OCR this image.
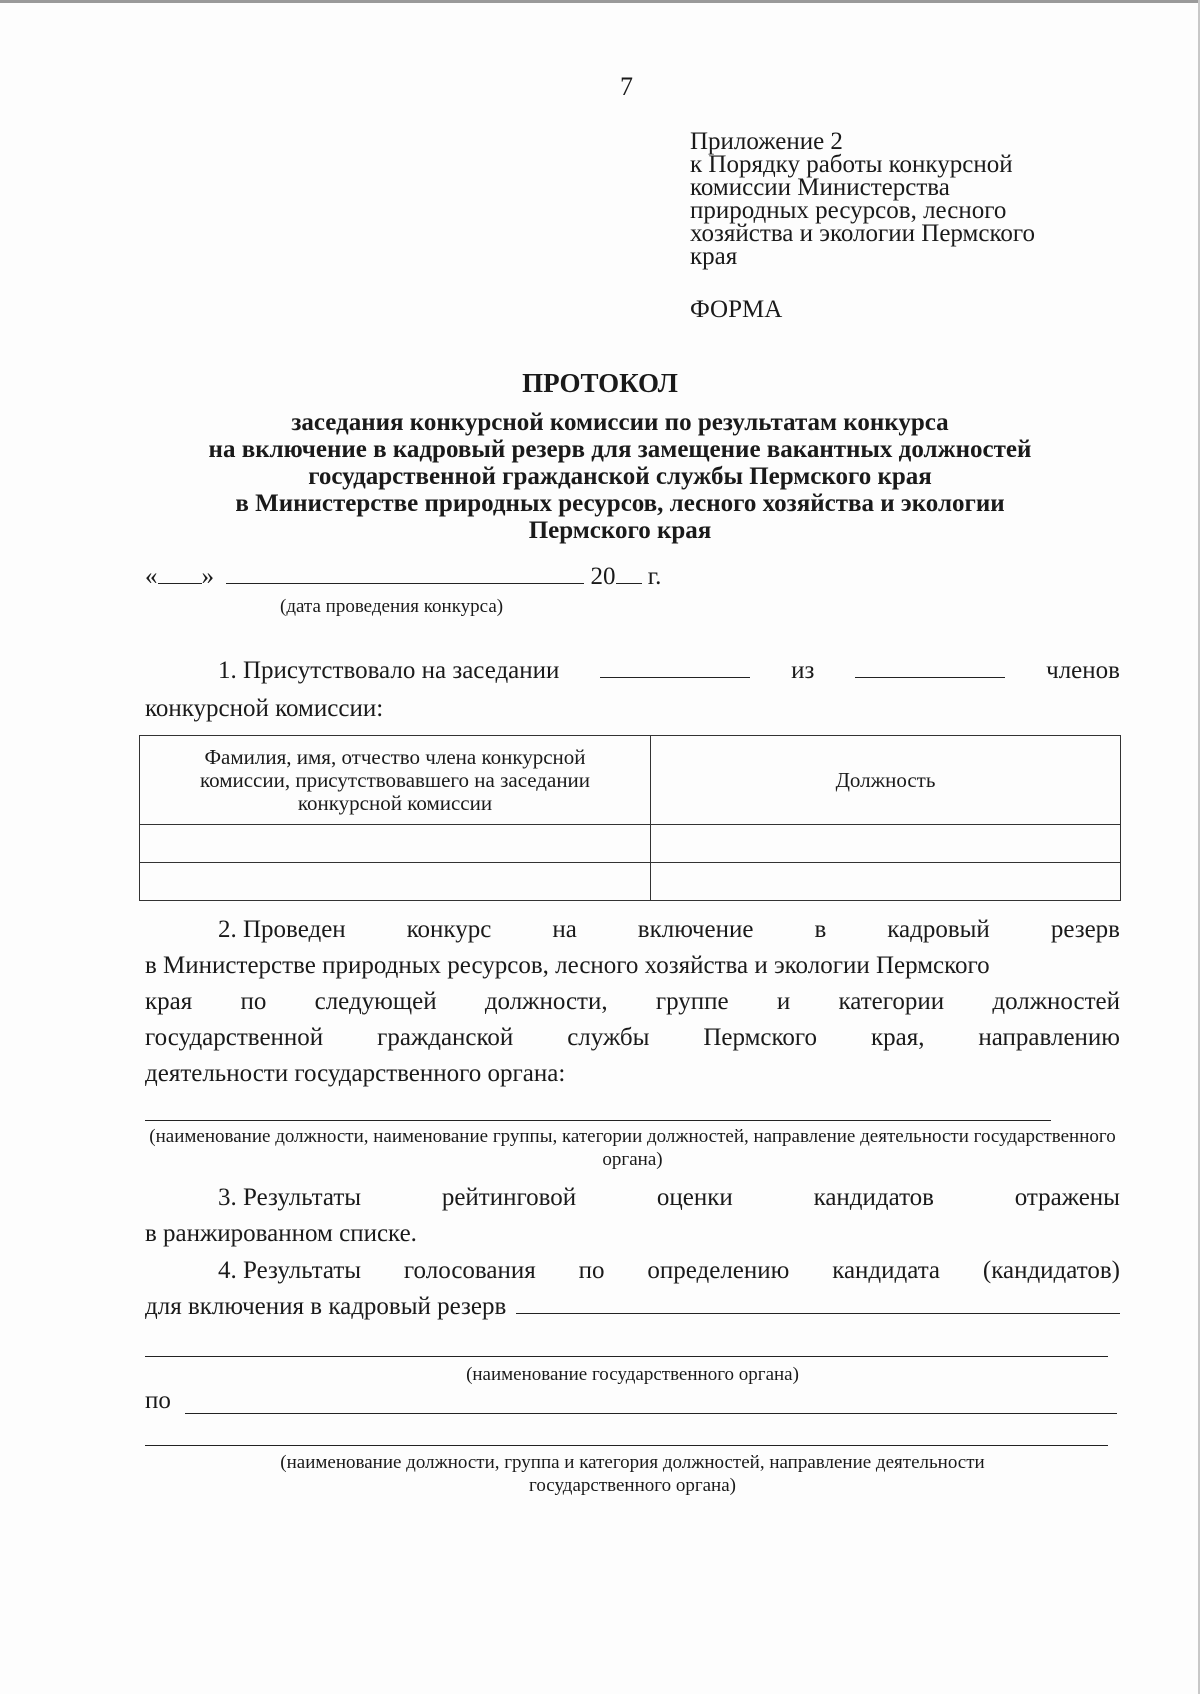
7
Приложение 2
к Порядку работы конкурсной
комиссии Министерства
природных ресурсов, лесного
хозяйства и экологии Пермского
края
ФОРМА
ПРОТОКОЛ
заседания конкурсной комиссии по результатам конкурса
на включение в кадровый резерв для замещение вакантных должностей
государственной гражданской службы Пермского края
в Министерстве природных ресурсов, лесного хозяйства и экологии
Пермского края
« »	20 г.
(дата проведения конкурса)
1. Присутствовало на заседании	из	членов
конкурсной комиссии:
Фамилия, имя, отчество члена конкурсной комиссии, присутствовавшего на заседании конкурсной комиссии	Должность

2. Проведен конкурс на включение в кадровый резерв
в Министерстве природных ресурсов, лесного хозяйства и экологии Пермского
края по следующей должности, группе и категории должностей
государственной гражданской службы Пермского края, направлению
деятельности государственного органа:
(наименование должности, наименование группы, категории должностей, направление деятельности государственного органа)
3. Результаты	рейтинговой	оценки	кандидатов	отражены
в ранжированном списке.
4. Результаты голосования по определению кандидата (кандидатов)
для включения в кадровый резерв
(наименование государственного органа)
по
(наименование должности, группа и категория должностей, направление деятельности государственного органа)
